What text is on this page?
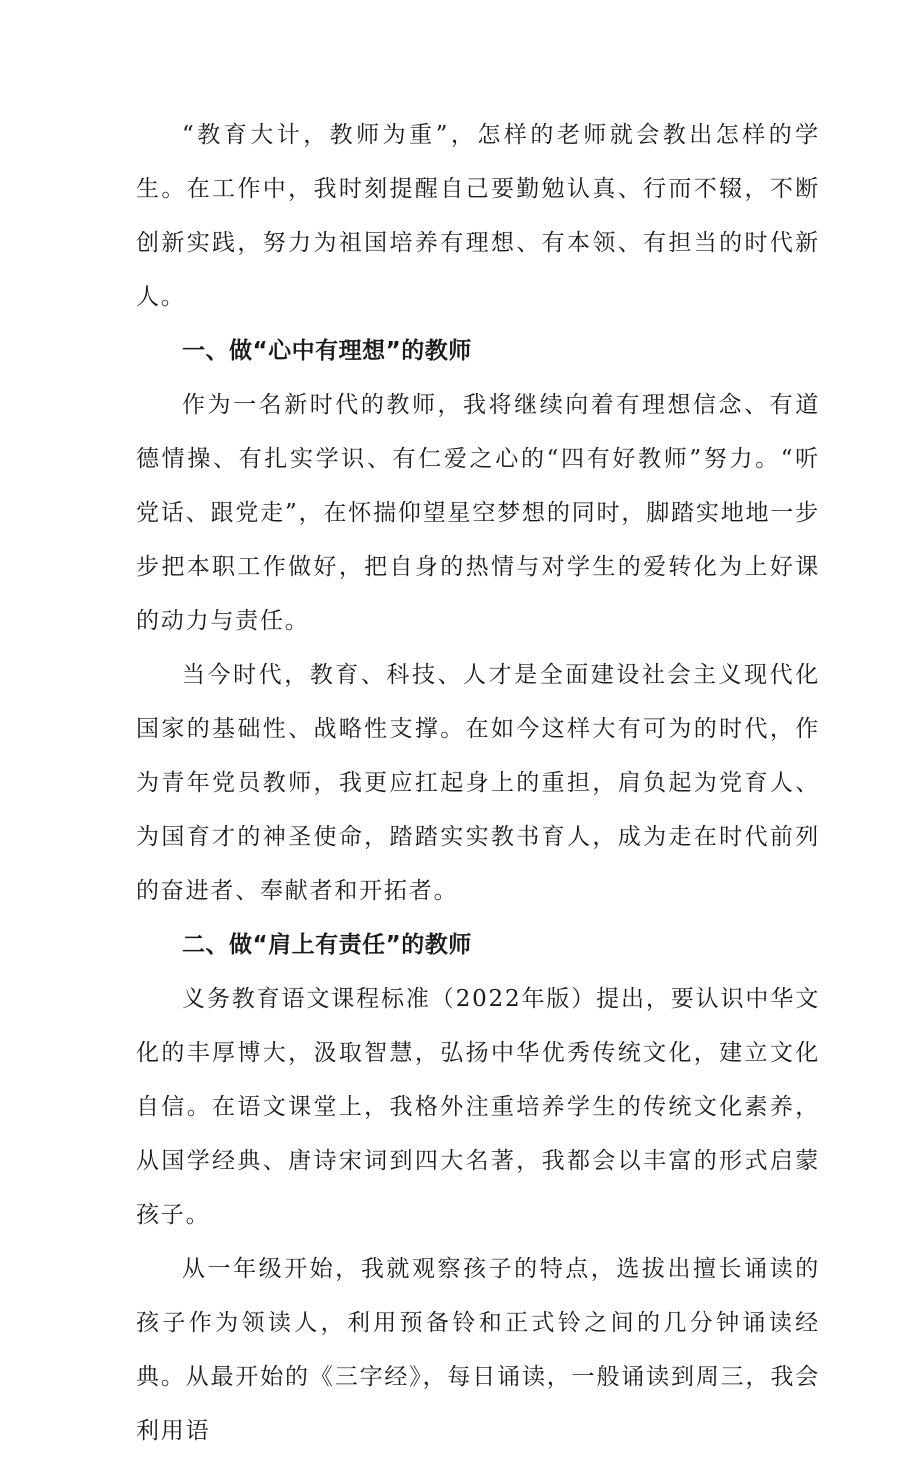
“教育大计，教师为重”，怎样的老师就会教出怎样的学生。在工作中，我时刻提醒自己要勤勉认真、行而不辍，不断创新实践，努力为祖国培养有理想、有本领、有担当的时代新人。

一、做“心中有理想”的教师

作为一名新时代的教师，我将继续向着有理想信念、有道德情操、有扎实学识、有仁爱之心的“四有好教师”努力。“听党话、跟党走”，在怀揣仰望星空梦想的同时，脚踏实地地一步步把本职工作做好，把自身的热情与对学生的爱转化为上好课的动力与责任。

当今时代，教育、科技、人才是全面建设社会主义现代化国家的基础性、战略性支撑。在如今这样大有可为的时代，作为青年党员教师，我更应扛起身上的重担，肩负起为党育人、为国育才的神圣使命，踏踏实实教书育人，成为走在时代前列的奋进者、奉献者和开拓者。

二、做“肩上有责任”的教师

义务教育语文课程标准（2022年版）提出，要认识中华文化的丰厚博大，汲取智慧，弘扬中华优秀传统文化，建立文化自信。在语文课堂上，我格外注重培养学生的传统文化素养，从国学经典、唐诗宋词到四大名著，我都会以丰富的形式启蒙孩子。

从一年级开始，我就观察孩子的特点，选拔出擅长诵读的孩子作为领读人，利用预备铃和正式铃之间的几分钟诵读经典。从最开始的《三字经》，每日诵读，一般诵读到周三，我会利用语
